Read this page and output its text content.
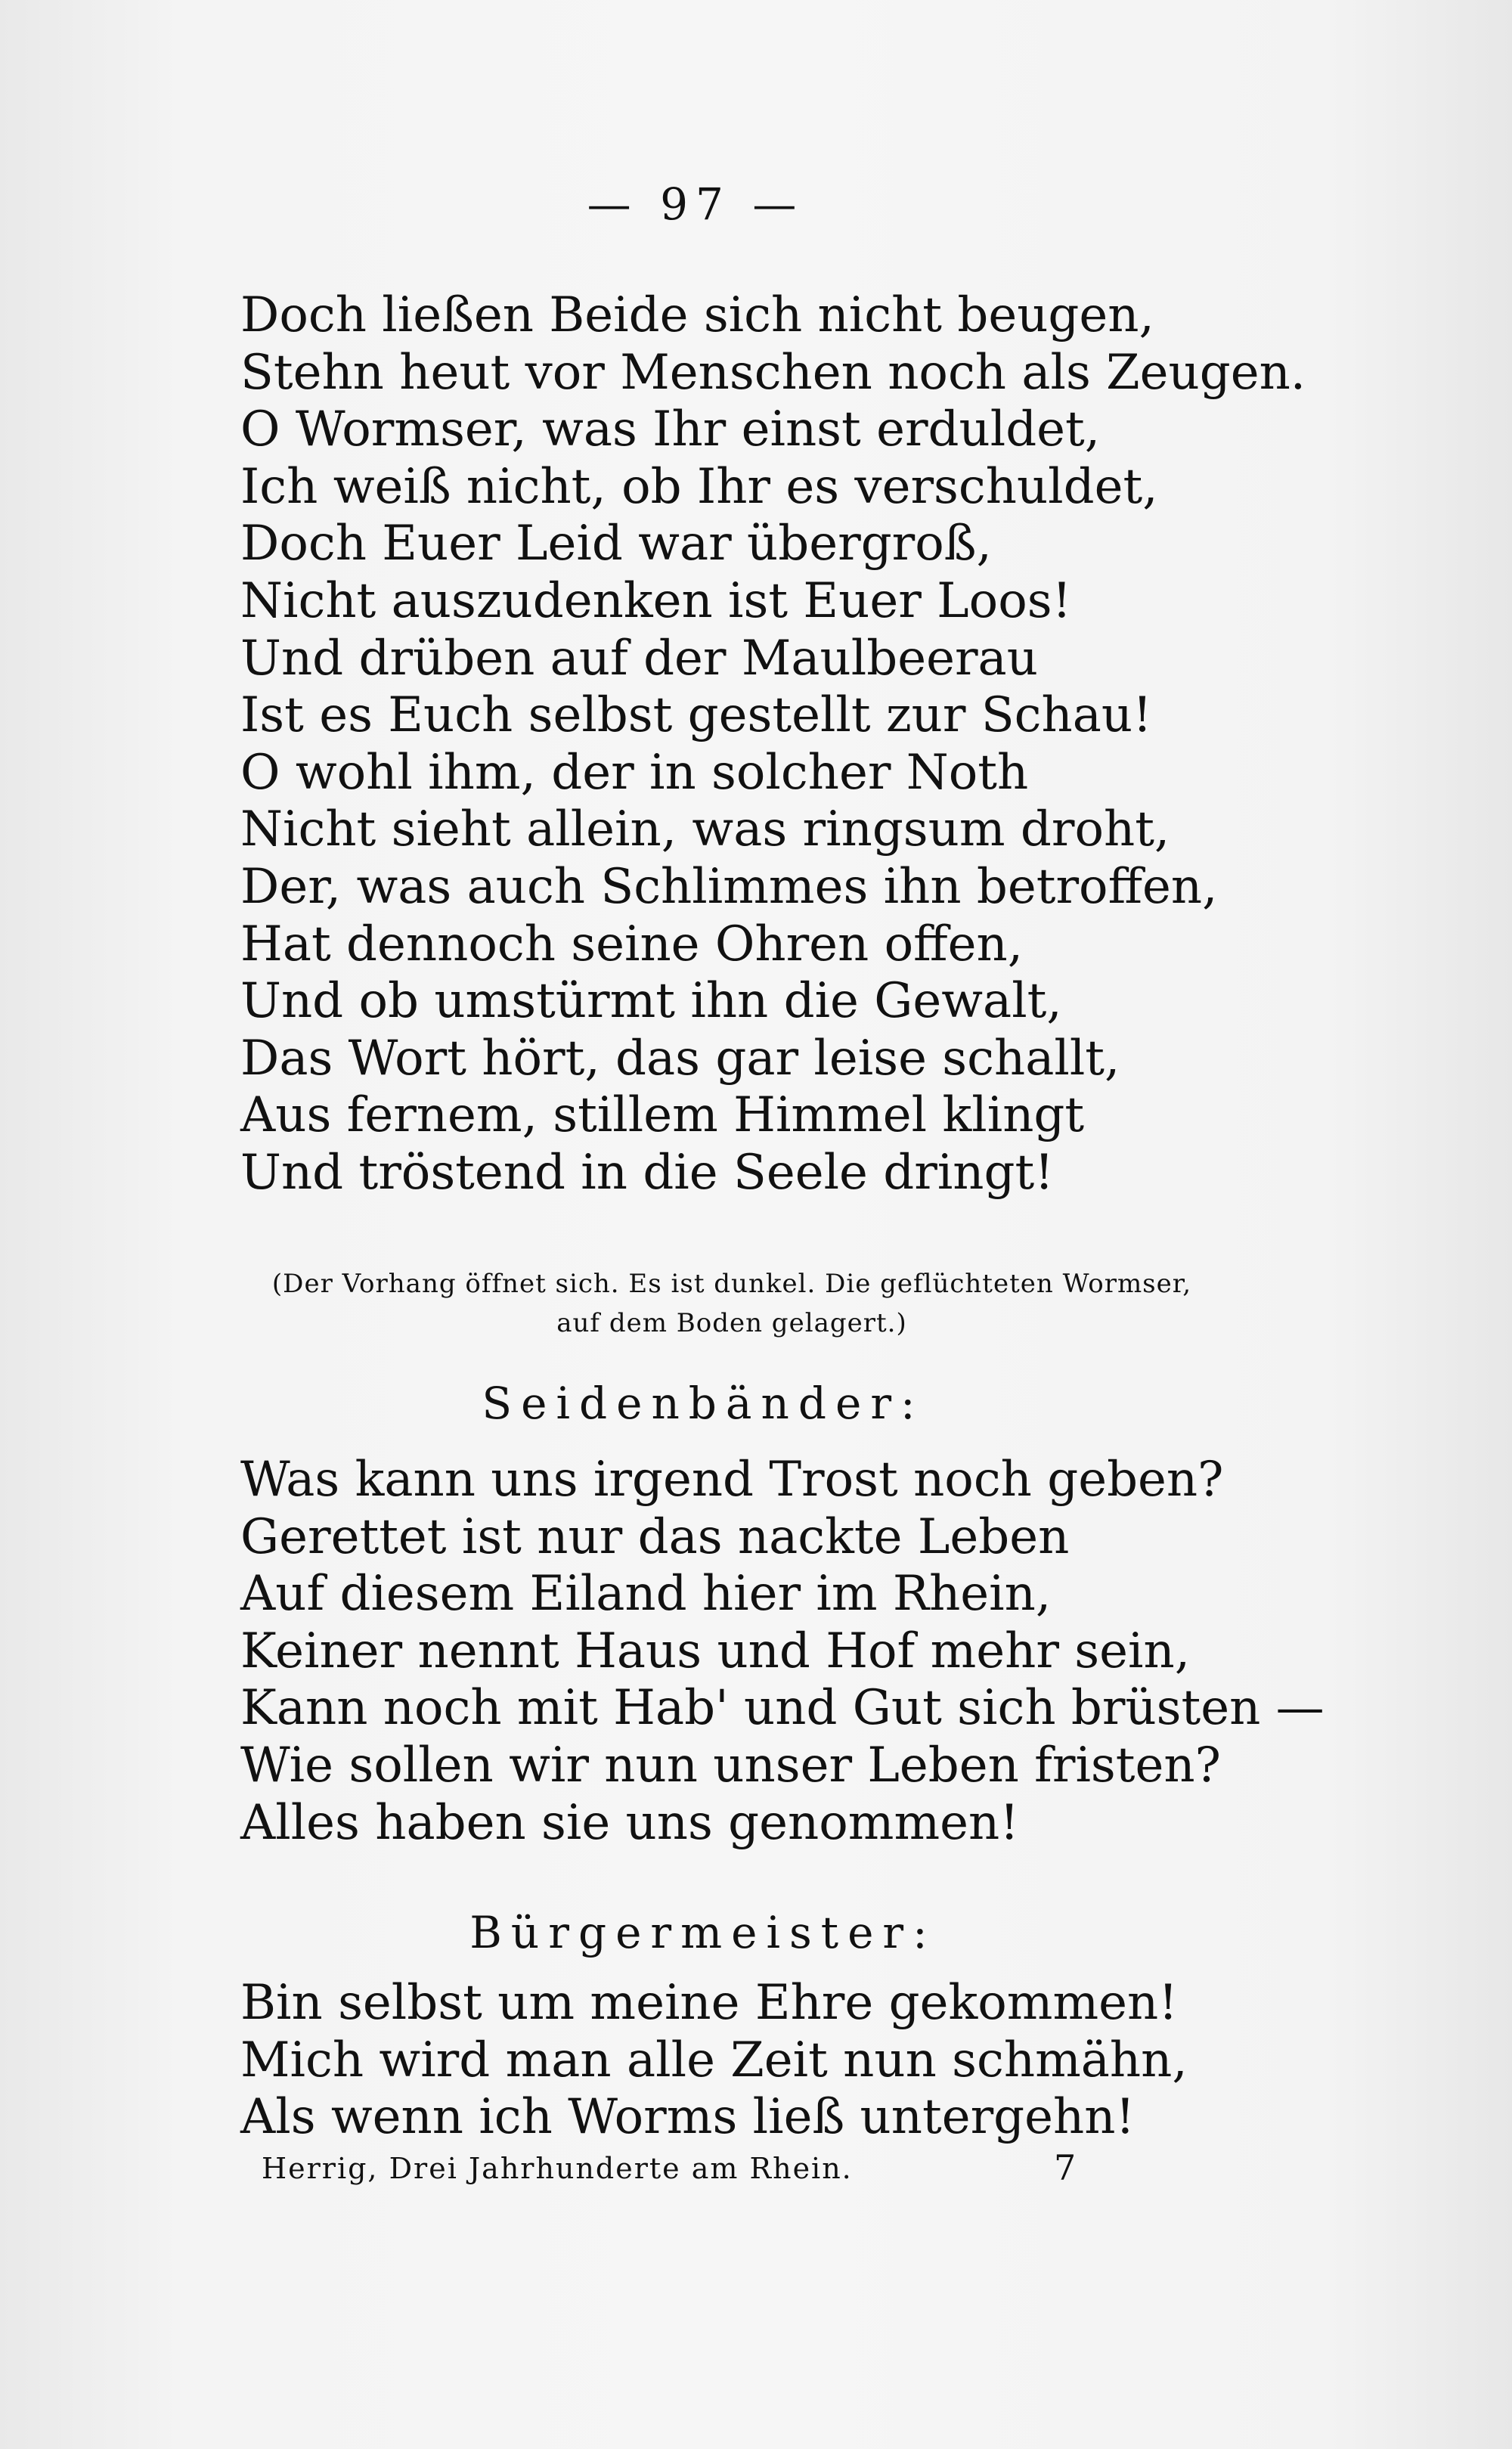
— 97 —
Doch ließen Beide sich nicht beugen,
Stehn heut vor Menschen noch als Zeugen.
O Wormser, was Ihr einst erduldet,
Ich weiß nicht, ob Ihr es verschuldet,
Doch Euer Leid war übergroß,
Nicht auszudenken ist Euer Loos!
Und drüben auf der Maulbeerau
Ist es Euch selbst gestellt zur Schau!
O wohl ihm, der in solcher Noth
Nicht sieht allein, was ringsum droht,
Der, was auch Schlimmes ihn betroffen,
Hat dennoch seine Ohren offen,
Und ob umstürmt ihn die Gewalt,
Das Wort hört, das gar leise schallt,
Aus fernem, stillem Himmel klingt
Und tröstend in die Seele dringt!
(Der Vorhang öffnet sich. Es ist dunkel. Die geflüchteten Wormser,
auf dem Boden gelagert.)
Seidenbänder:
Was kann uns irgend Trost noch geben?
Gerettet ist nur das nackte Leben
Auf diesem Eiland hier im Rhein,
Keiner nennt Haus und Hof mehr sein,
Kann noch mit Hab' und Gut sich brüsten —
Wie sollen wir nun unser Leben fristen?
Alles haben sie uns genommen!
Bürgermeister:
Bin selbst um meine Ehre gekommen!
Mich wird man alle Zeit nun schmähn,
Als wenn ich Worms ließ untergehn!
Herrig, Drei Jahrhunderte am Rhein.	7
